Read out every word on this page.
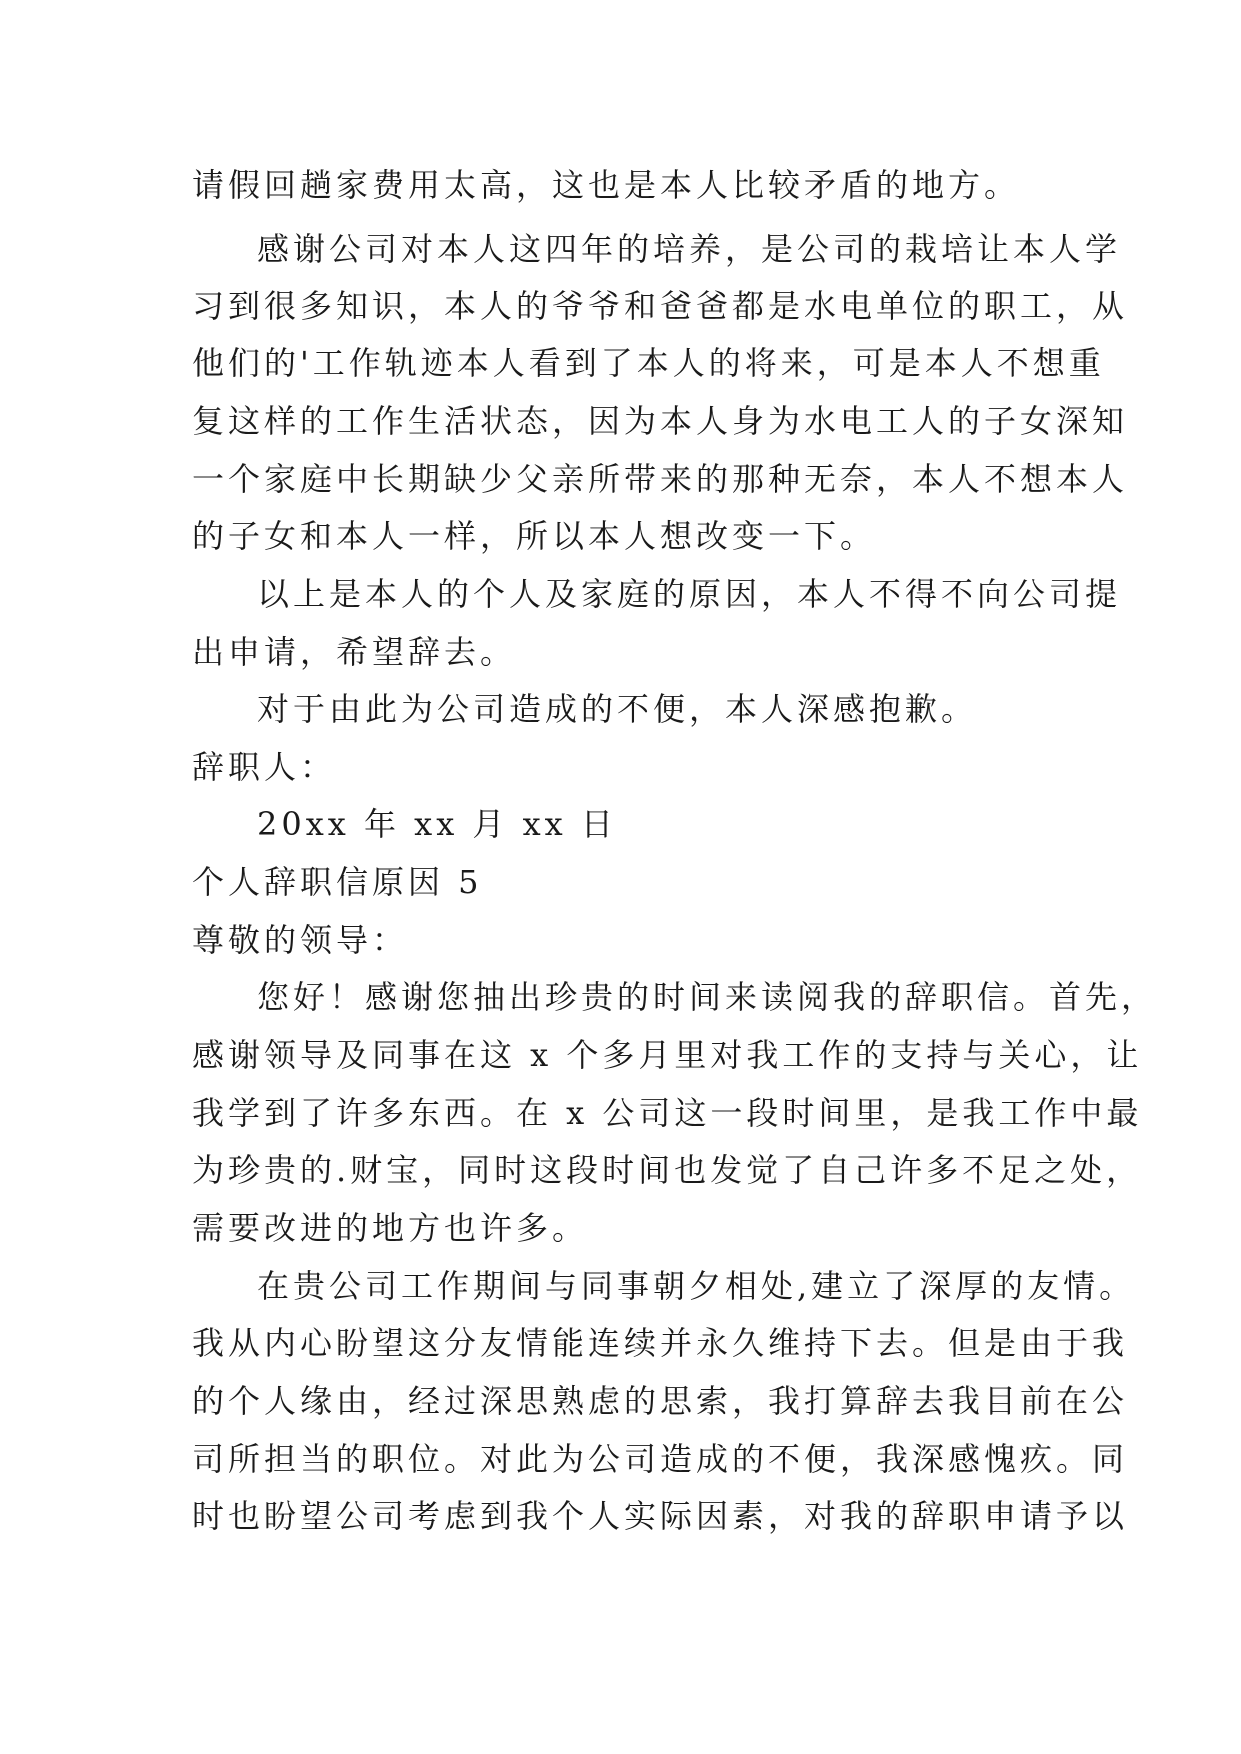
请假回趟家费用太高，这也是本人比较矛盾的地方。
感谢公司对本人这四年的培养，是公司的栽培让本人学
习到很多知识，本人的爷爷和爸爸都是水电单位的职工，从
他们的'工作轨迹本人看到了本人的将来，可是本人不想重
复这样的工作生活状态，因为本人身为水电工人的子女深知
一个家庭中长期缺少父亲所带来的那种无奈，本人不想本人
的子女和本人一样，所以本人想改变一下。
以上是本人的个人及家庭的原因，本人不得不向公司提
出申请，希望辞去。
对于由此为公司造成的不便，本人深感抱歉。
辞职人：
20xx 年 xx 月 xx 日
个人辞职信原因 5
尊敬的领导：
您好！感谢您抽出珍贵的时间来读阅我的辞职信。首先，
感谢领导及同事在这 x 个多月里对我工作的支持与关心，让
我学到了许多东西。在 x 公司这一段时间里，是我工作中最
为珍贵的.财宝，同时这段时间也发觉了自己许多不足之处，
需要改进的地方也许多。
在贵公司工作期间与同事朝夕相处,建立了深厚的友情。
我从内心盼望这分友情能连续并永久维持下去。但是由于我
的个人缘由，经过深思熟虑的思索，我打算辞去我目前在公
司所担当的职位。对此为公司造成的不便，我深感愧疚。同
时也盼望公司考虑到我个人实际因素，对我的辞职申请予以
